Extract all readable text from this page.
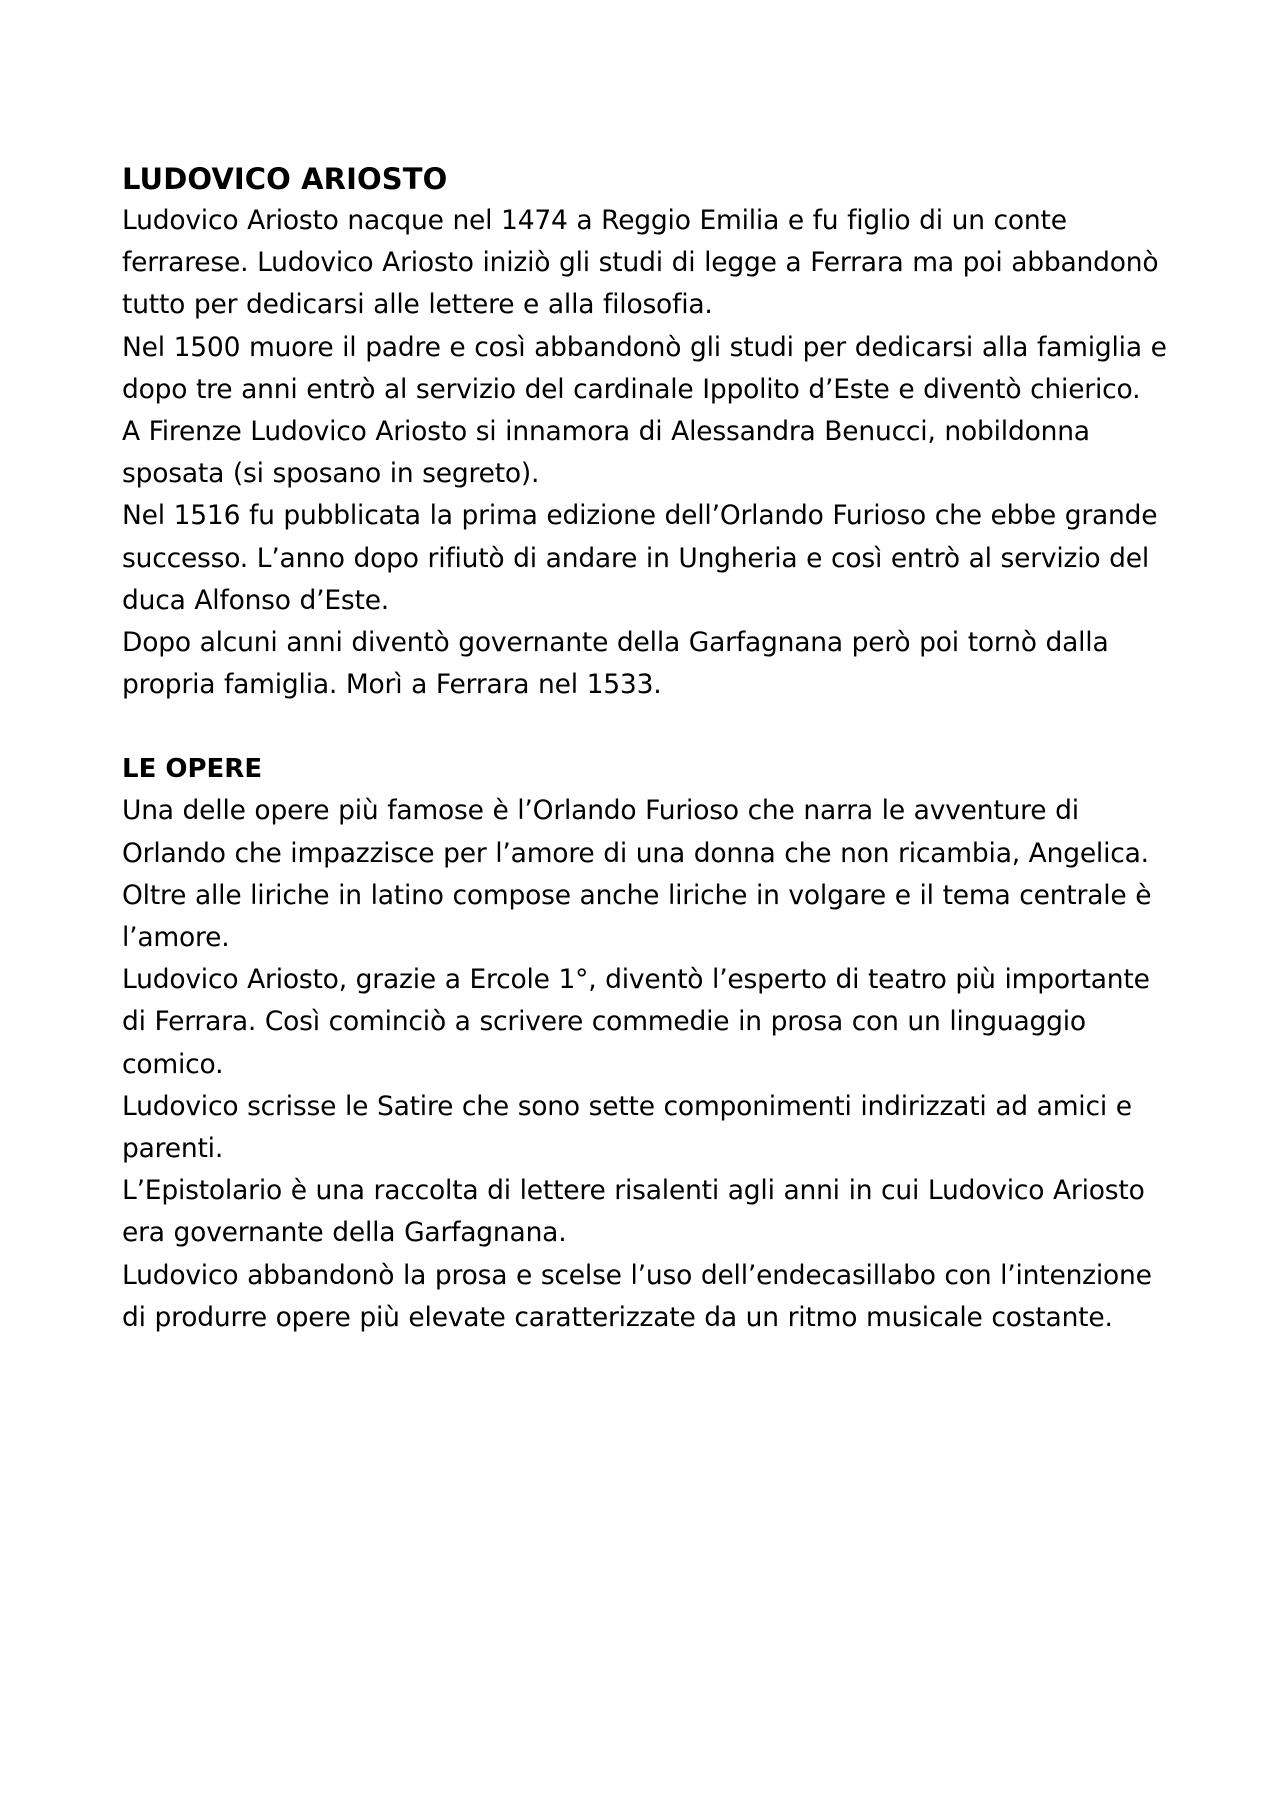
LUDOVICO ARIOSTO

Ludovico Ariosto nacque nel 1474 a Reggio Emilia e fu figlio di un conte ferrarese. Ludovico Ariosto iniziò gli studi di legge a Ferrara ma poi abbandonò tutto per dedicarsi alle lettere e alla filosofia.

Nel 1500 muore il padre e così abbandonò gli studi per dedicarsi alla famiglia e dopo tre anni entrò al servizio del cardinale Ippolito d’Este e diventò chierico.

A Firenze Ludovico Ariosto si innamora di Alessandra Benucci, nobildonna sposata (si sposano in segreto).

Nel 1516 fu pubblicata la prima edizione dell’Orlando Furioso che ebbe grande successo. L’anno dopo rifiutò di andare in Ungheria e così entrò al servizio del duca Alfonso d’Este.

Dopo alcuni anni diventò governante della Garfagnana però poi tornò dalla propria famiglia. Morì a Ferrara nel 1533.

LE OPERE

Una delle opere più famose è l’Orlando Furioso che narra le avventure di Orlando che impazzisce per l’amore di una donna che non ricambia, Angelica.

Oltre alle liriche in latino compose anche liriche in volgare e il tema centrale è l’amore.

Ludovico Ariosto, grazie a Ercole 1°, diventò l’esperto di teatro più importante di Ferrara. Così cominciò a scrivere commedie in prosa con un linguaggio comico.

Ludovico scrisse le Satire che sono sette componimenti indirizzati ad amici e parenti.

L’Epistolario è una raccolta di lettere risalenti agli anni in cui Ludovico Ariosto era governante della Garfagnana.

Ludovico abbandonò la prosa e scelse l’uso dell’endecasillabo con l’intenzione di produrre opere più elevate caratterizzate da un ritmo musicale costante.
